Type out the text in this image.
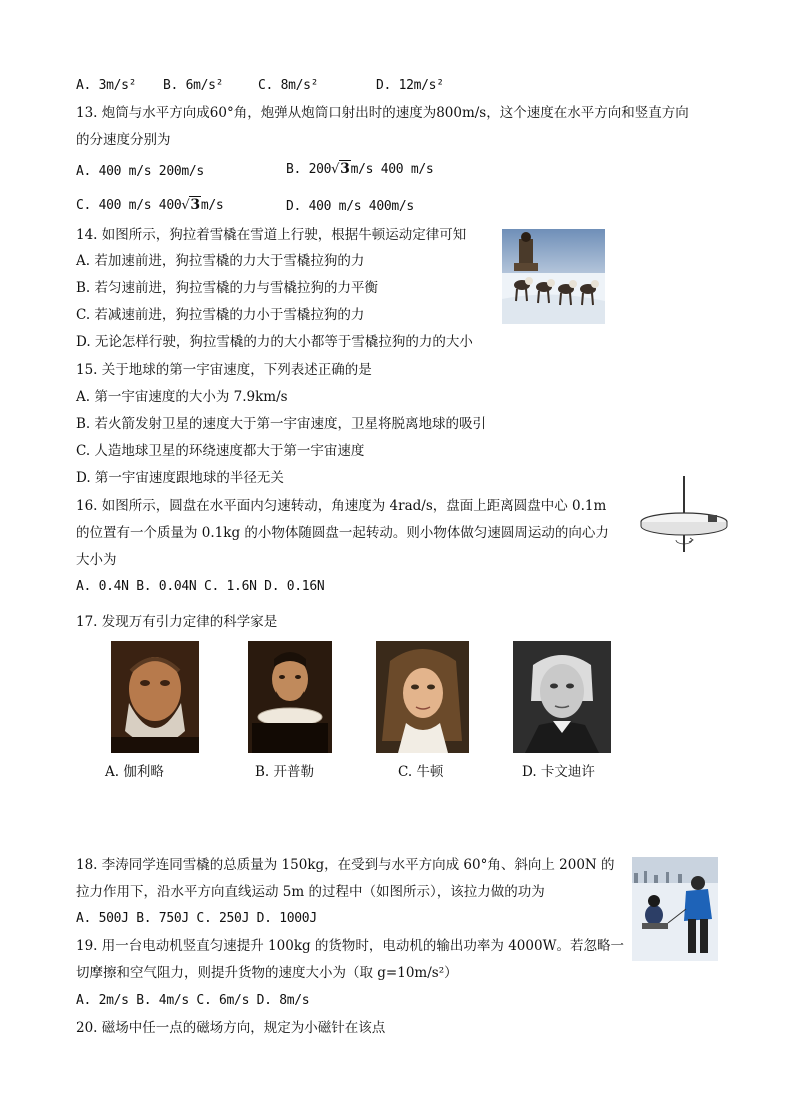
A. 3m/s² B. 6m/s²	C. 8m/s²	D. 12m/s²
13. 炮筒与水平方向成60°角，炮弹从炮筒口射出时的速度为800m/s，这个速度在水平方向和竖直方向
的分速度分别为
A. 400 m/s 200m/s	B. 200√3m/s 400 m/s
C. 400 m/s 400√3m/s	D. 400 m/s 400m/s
14. 如图所示，狗拉着雪橇在雪道上行驶，根据牛顿运动定律可知
A. 若加速前进，狗拉雪橇的力大于雪橇拉狗的力
B. 若匀速前进，狗拉雪橇的力与雪橇拉狗的力平衡
C. 若减速前进，狗拉雪橇的力小于雪橇拉狗的力
D. 无论怎样行驶，狗拉雪橇的力的大小都等于雪橇拉狗的力的大小
15. 关于地球的第一宇宙速度，下列表述正确的是
A. 第一宇宙速度的大小为 7.9km/s
B. 若火箭发射卫星的速度大于第一宇宙速度，卫星将脱离地球的吸引
C. 人造地球卫星的环绕速度都大于第一宇宙速度
D. 第一宇宙速度跟地球的半径无关
16. 如图所示，圆盘在水平面内匀速转动，角速度为 4rad/s，盘面上距离圆盘中心 0.1m
的位置有一个质量为 0.1kg 的小物体随圆盘一起转动。则小物体做匀速圆周运动的向心力
大小为
A. 0.4N B. 0.04N C. 1.6N D. 0.16N
17. 发现万有引力定律的科学家是
A. 伽利略	B. 开普勒	C. 牛顿	D. 卡文迪许
18. 李涛同学连同雪橇的总质量为 150kg，在受到与水平方向成 60°角、斜向上 200N 的
拉力作用下，沿水平方向直线运动 5m 的过程中（如图所示），该拉力做的功为
A. 500J B. 750J C. 250J D. 1000J
19. 用一台电动机竖直匀速提升 100kg 的货物时，电动机的输出功率为 4000W。若忽略一
切摩擦和空气阻力，则提升货物的速度大小为（取 g=10m/s²）
A. 2m/s B. 4m/s C. 6m/s D. 8m/s
20. 磁场中任一点的磁场方向，规定为小磁针在该点
